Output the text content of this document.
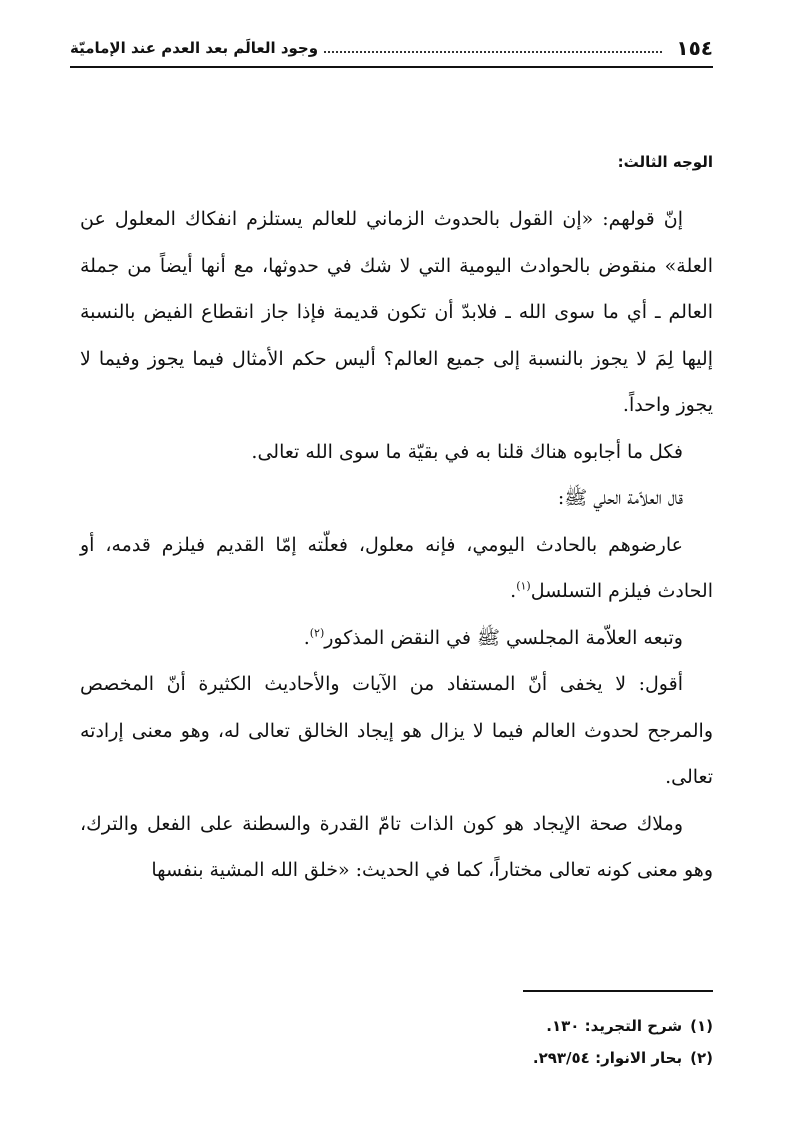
١٥٤
وجود العالَم بعد العدم عند الإماميّة

الوجه الثالث:

إنّ قولهم: «إن القول بالحدوث الزماني للعالم يستلزم انفكاك المعلول عن العلة» منقوض بالحوادث اليومية التي لا شك في حدوثها، مع أنها أيضاً من جملة العالم ـ أي ما سوى الله ـ فلابدّ أن تكون قديمة فإذا جاز انقطاع الفيض بالنسبة إليها لِمَ لا يجوز بالنسبة إلى جميع العالم؟ أليس حكم الأمثال فيما يجوز وفيما لا يجوز واحداً.

فكل ما أجابوه هناك قلنا به في بقيّة ما سوى الله تعالى.

قال العلاّمة الحلي ﷺ:

عارضوهم بالحادث اليومي، فإنه معلول، فعلّته إمّا القديم فيلزم قدمه، أو الحادث فيلزم التسلسل$^{(١)}$.

وتبعه العلاّمة المجلسي ﷺ في النقض المذكور$^{(٢)}$.

أقول: لا يخفى أنّ المستفاد من الآيات والأحاديث الكثيرة أنّ المخصص والمرجح لحدوث العالم فيما لا يزال هو إيجاد الخالق تعالى له، وهو معنى إرادته تعالى.

وملاك صحة الإيجاد هو كون الذات تامّ القدرة والسطنة على الفعل والترك، وهو معنى كونه تعالى مختاراً، كما في الحديث: «خلق الله المشية بنفسها

(١)شرح التجريد: ١٣٠.
(٢)بحار الانوار: ٢٩٣/٥٤.
